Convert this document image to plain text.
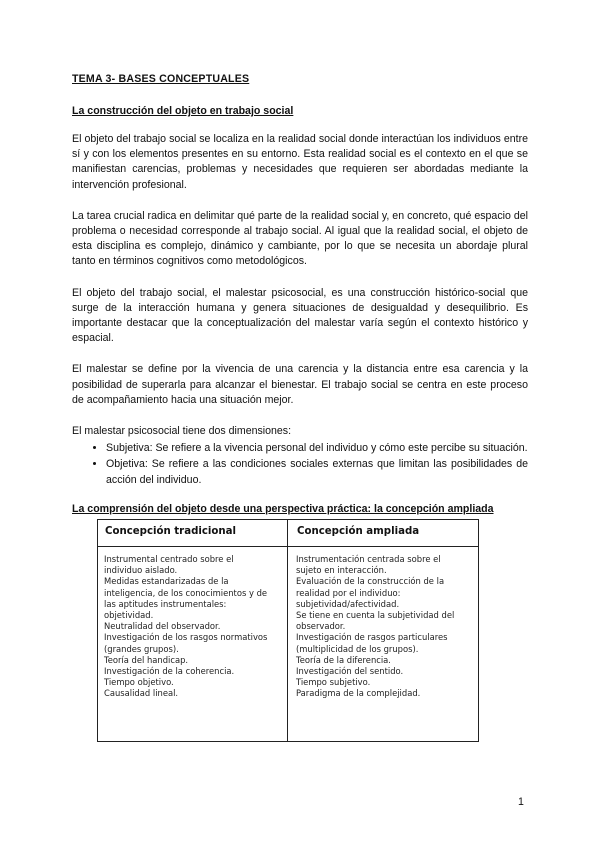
TEMA 3- BASES CONCEPTUALES
La construcción del objeto en trabajo social

El objeto del trabajo social se localiza en la realidad social donde interactúan los individuos entre sí y con los elementos presentes en su entorno. Esta realidad social es el contexto en el que se manifiestan carencias, problemas y necesidades que requieren ser abordadas mediante la intervención profesional.

La tarea crucial radica en delimitar qué parte de la realidad social y, en concreto, qué espacio del problema o necesidad corresponde al trabajo social. Al igual que la realidad social, el objeto de esta disciplina es complejo, dinámico y cambiante, por lo que se necesita un abordaje plural tanto en términos cognitivos como metodológicos.

El objeto del trabajo social, el malestar psicosocial, es una construcción histórico-social que surge de la interacción humana y genera situaciones de desigualdad y desequilibrio. Es importante destacar que la conceptualización del malestar varía según el contexto histórico y espacial.

El malestar se define por la vivencia de una carencia y la distancia entre esa carencia y la posibilidad de superarla para alcanzar el bienestar. El trabajo social se centra en este proceso de acompañamiento hacia una situación mejor.

El malestar psicosocial tiene dos dimensiones:

• Subjetiva: Se refiere a la vivencia personal del individuo y cómo este percibe su situación.
• Objetiva: Se refiere a las condiciones sociales externas que limitan las posibilidades de acción del individuo.
La comprensión del objeto desde una perspectiva práctica: la concepción ampliada
Concepción tradicional	Concepción ampliada
Instrumental centrado sobre el
individuo aislado.
Medidas estandarizadas de la
inteligencia, de los conocimientos y de
las aptitudes instrumentales:
objetividad.
Neutralidad del observador.
Investigación de los rasgos normativos
(grandes grupos).
Teoría del handicap.
Investigación de la coherencia.
Tiempo objetivo.
Causalidad lineal.
Instrumentación centrada sobre el
sujeto en interacción.
Evaluación de la construcción de la
realidad por el individuo:
subjetividad/afectividad.
Se tiene en cuenta la subjetividad del
observador.
Investigación de rasgos particulares
(multiplicidad de los grupos).
Teoría de la diferencia.
Investigación del sentido.
Tiempo subjetivo.
Paradigma de la complejidad.
1
